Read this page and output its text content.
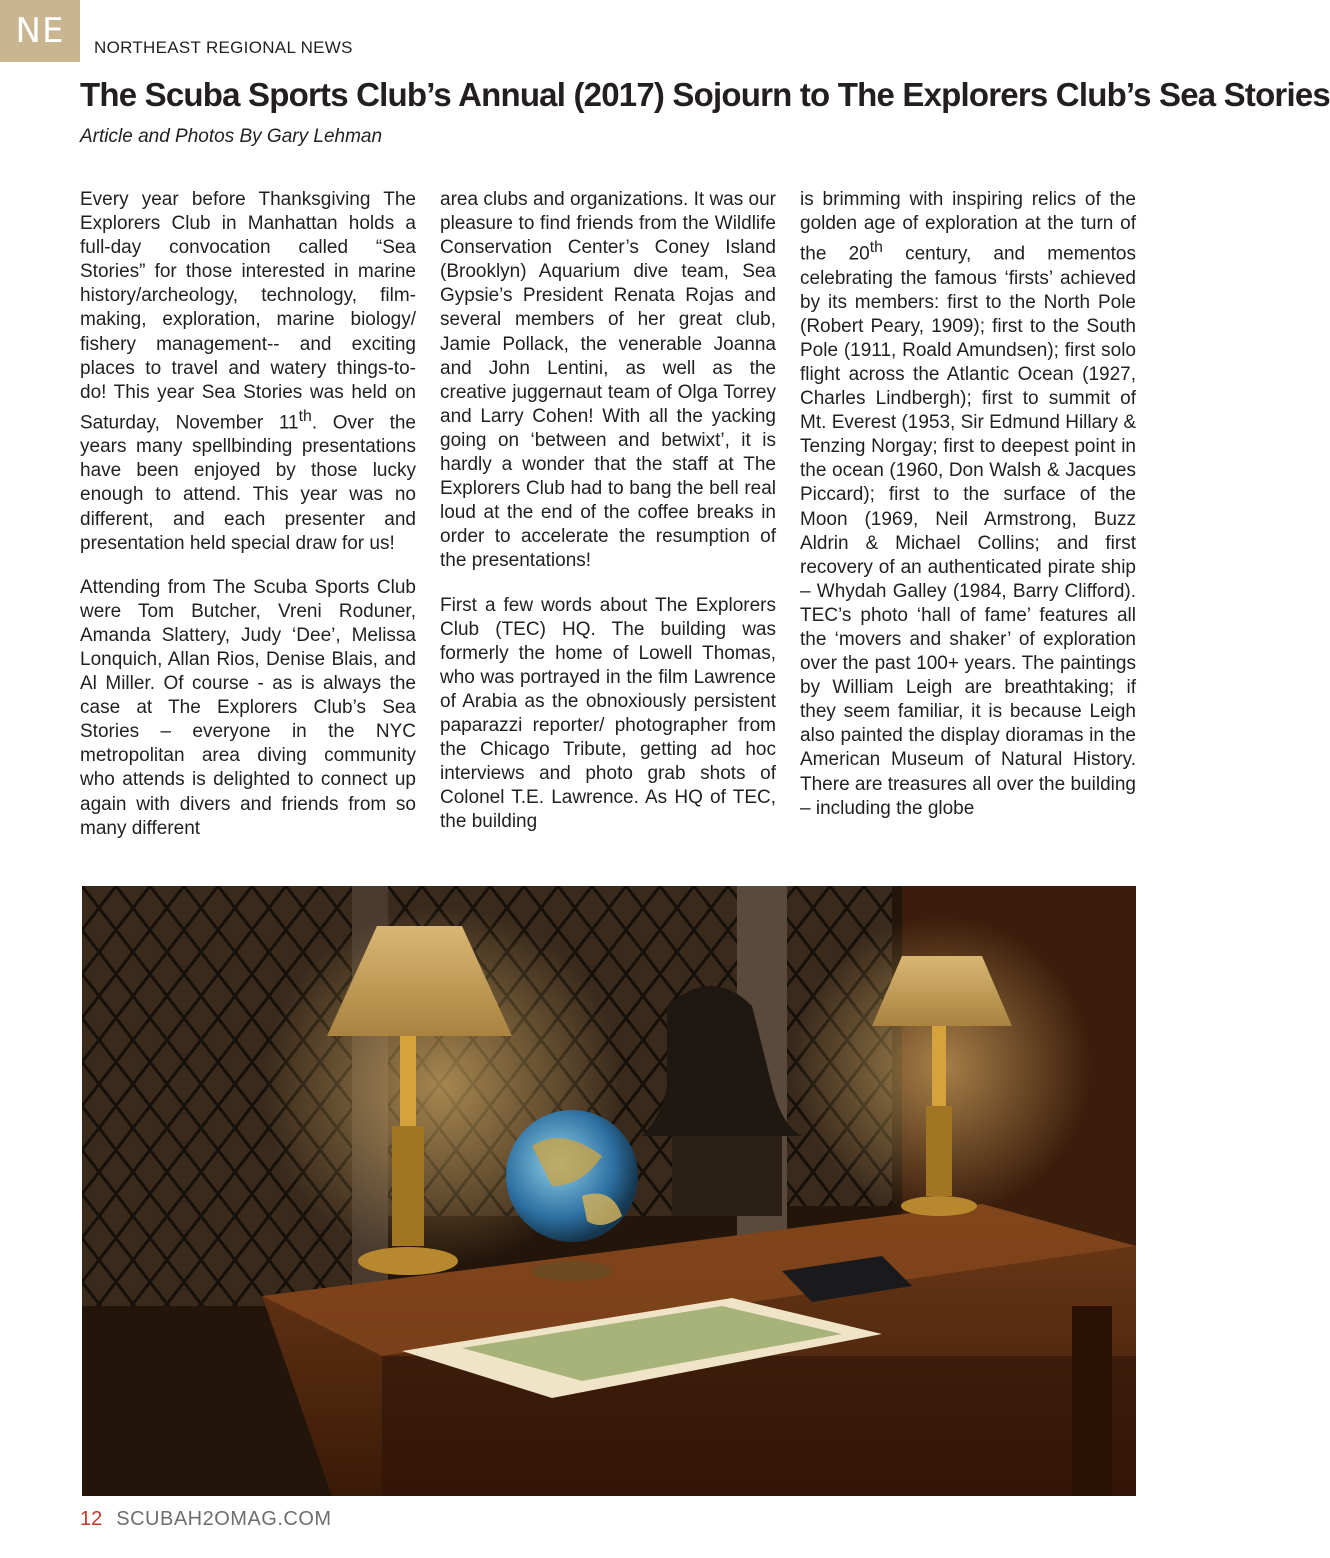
NE	NORTHEAST REGIONAL NEWS
The Scuba Sports Club’s Annual (2017) Sojourn to The Explorers Club’s Sea Stories
Article and Photos By Gary Lehman

Every year before Thanksgiving The Explorers Club in Manhattan holds a full-day convocation called “Sea Stories” for those interested in marine history/archeology, technology, film-making, exploration, marine biology/ fishery management-- and exciting places to travel and watery things-to-do! This year Sea Stories was held on Saturday, November 11th. Over the years many spellbinding presentations have been enjoyed by those lucky enough to attend. This year was no different, and each presenter and presentation held special draw for us!

Attending from The Scuba Sports Club were Tom Butcher, Vreni Roduner, Amanda Slattery, Judy ‘Dee’, Melissa Lonquich, Allan Rios, Denise Blais, and Al Miller. Of course - as is always the case at The Explorers Club’s Sea Stories – everyone in the NYC metropolitan area diving community who attends is delighted to connect up again with divers and friends from so many different

area clubs and organizations. It was our pleasure to find friends from the Wildlife Conservation Center’s Coney Island (Brooklyn) Aquarium dive team, Sea Gypsie’s President Renata Rojas and several members of her great club, Jamie Pollack, the venerable Joanna and John Lentini, as well as the creative juggernaut team of Olga Torrey and Larry Cohen! With all the yacking going on ‘between and betwixt’, it is hardly a wonder that the staff at The Explorers Club had to bang the bell real loud at the end of the coffee breaks in order to accelerate the resumption of the presentations!

First a few words about The Explorers Club (TEC) HQ. The building was formerly the home of Lowell Thomas, who was portrayed in the film Lawrence of Arabia as the obnoxiously persistent paparazzi reporter/ photographer from the Chicago Tribute, getting ad hoc interviews and photo grab shots of Colonel T.E. Lawrence. As HQ of TEC, the building

is brimming with inspiring relics of the golden age of exploration at the turn of the 20th century, and mementos celebrating the famous ‘firsts’ achieved by its members: first to the North Pole (Robert Peary, 1909); first to the South Pole (1911, Roald Amundsen); first solo flight across the Atlantic Ocean (1927, Charles Lindbergh); first to summit of Mt. Everest (1953, Sir Edmund Hillary & Tenzing Norgay; first to deepest point in the ocean (1960, Don Walsh & Jacques Piccard); first to the surface of the Moon (1969, Neil Armstrong, Buzz Aldrin & Michael Collins; and first recovery of an authenticated pirate ship – Whydah Galley (1984, Barry Clifford). TEC’s photo ‘hall of fame’ features all the ‘movers and shaker’ of exploration over the past 100+ years. The paintings by William Leigh are breathtaking; if they seem familiar, it is because Leigh also painted the display dioramas in the American Museum of Natural History. There are treasures all over the building – including the globe

12 SCUBAH2OMAG.COM
